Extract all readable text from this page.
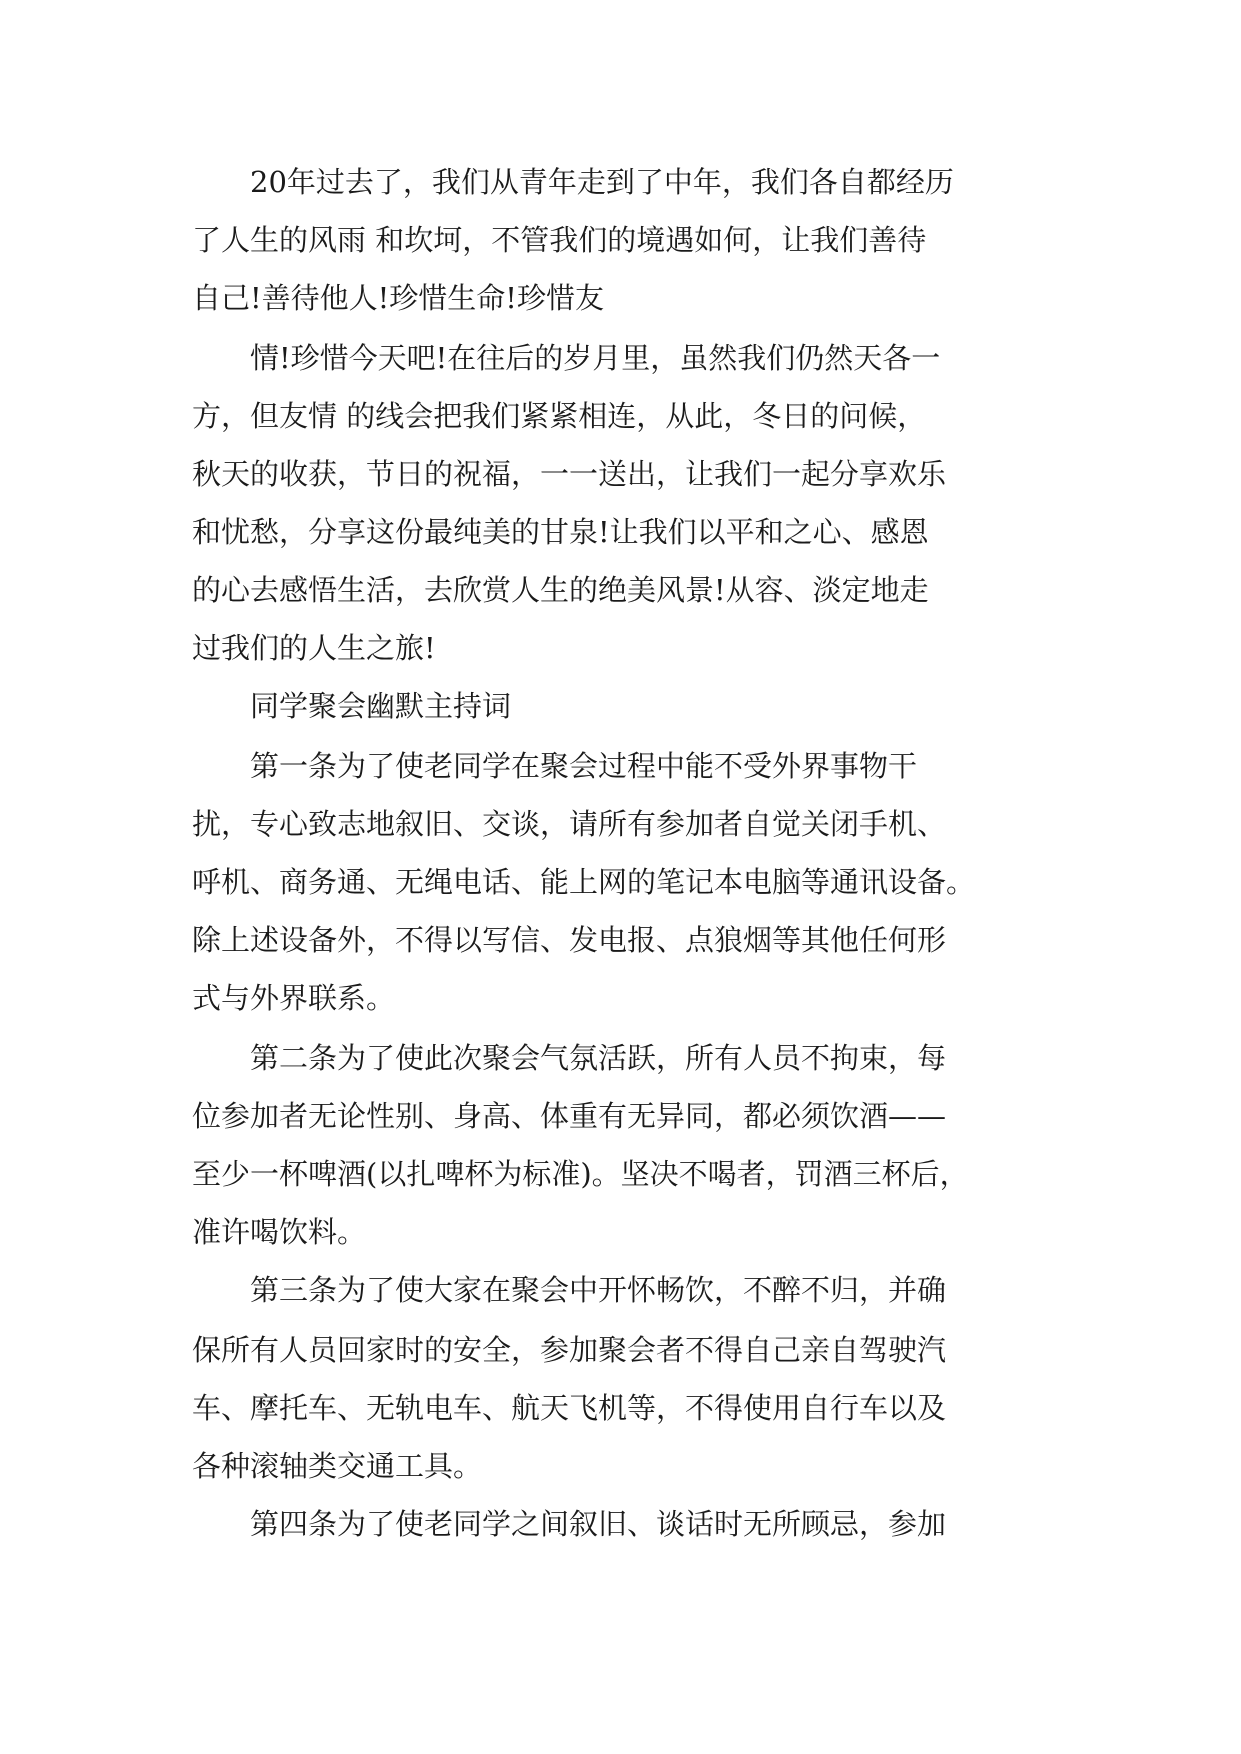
　　20年过去了，我们从青年走到了中年，我们各自都经历
了人生的风雨 和坎坷，不管我们的境遇如何，让我们善待
自己!善待他人!珍惜生命!珍惜友
　　情!珍惜今天吧!在往后的岁月里，虽然我们仍然天各一
方，但友情 的线会把我们紧紧相连，从此，冬日的问候，
秋天的收获，节日的祝福，一一送出，让我们一起分享欢乐
和忧愁，分享这份最纯美的甘泉!让我们以平和之心、感恩
的心去感悟生活，去欣赏人生的绝美风景!从容、淡定地走
过我们的人生之旅!
　　同学聚会幽默主持词
　　第一条为了使老同学在聚会过程中能不受外界事物干
扰，专心致志地叙旧、交谈，请所有参加者自觉关闭手机、
呼机、商务通、无绳电话、能上网的笔记本电脑等通讯设备。
除上述设备外，不得以写信、发电报、点狼烟等其他任何形
式与外界联系。
　　第二条为了使此次聚会气氛活跃，所有人员不拘束，每
位参加者无论性别、身高、体重有无异同，都必须饮酒——
至少一杯啤酒(以扎啤杯为标准)。坚决不喝者，罚酒三杯后，
准许喝饮料。
　　第三条为了使大家在聚会中开怀畅饮，不醉不归，并确
保所有人员回家时的安全，参加聚会者不得自己亲自驾驶汽
车、摩托车、无轨电车、航天飞机等，不得使用自行车以及
各种滚轴类交通工具。
　　第四条为了使老同学之间叙旧、谈话时无所顾忌，参加
